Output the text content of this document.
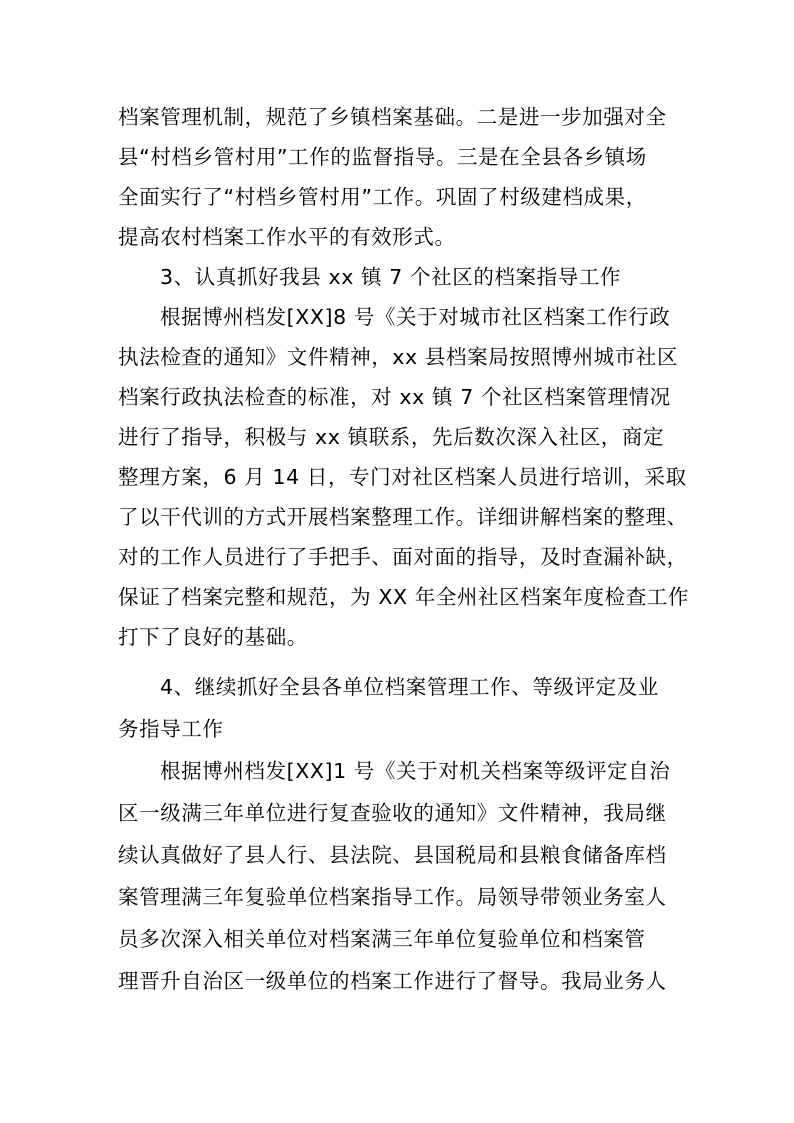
档案管理机制，规范了乡镇档案基础。二是进一步加强对全
县“村档乡管村用”工作的监督指导。三是在全县各乡镇场
全面实行了“村档乡管村用”工作。巩固了村级建档成果，
提高农村档案工作水平的有效形式。
3、认真抓好我县 xx 镇 7 个社区的档案指导工作
根据博州档发[XX]8 号《关于对城市社区档案工作行政
执法检查的通知》文件精神，xx 县档案局按照博州城市社区
档案行政执法检查的标准，对 xx 镇 7 个社区档案管理情况
进行了指导，积极与 xx 镇联系，先后数次深入社区，商定
整理方案，6 月 14 日，专门对社区档案人员进行培训，采取
了以干代训的方式开展档案整理工作。详细讲解档案的整理、
对的工作人员进行了手把手、面对面的指导，及时查漏补缺，
保证了档案完整和规范，为 XX 年全州社区档案年度检查工作
打下了良好的基础。
4、继续抓好全县各单位档案管理工作、等级评定及业
务指导工作
根据博州档发[XX]1 号《关于对机关档案等级评定自治
区一级满三年单位进行复查验收的通知》文件精神，我局继
续认真做好了县人行、县法院、县国税局和县粮食储备库档
案管理满三年复验单位档案指导工作。局领导带领业务室人
员多次深入相关单位对档案满三年单位复验单位和档案管
理晋升自治区一级单位的档案工作进行了督导。我局业务人
